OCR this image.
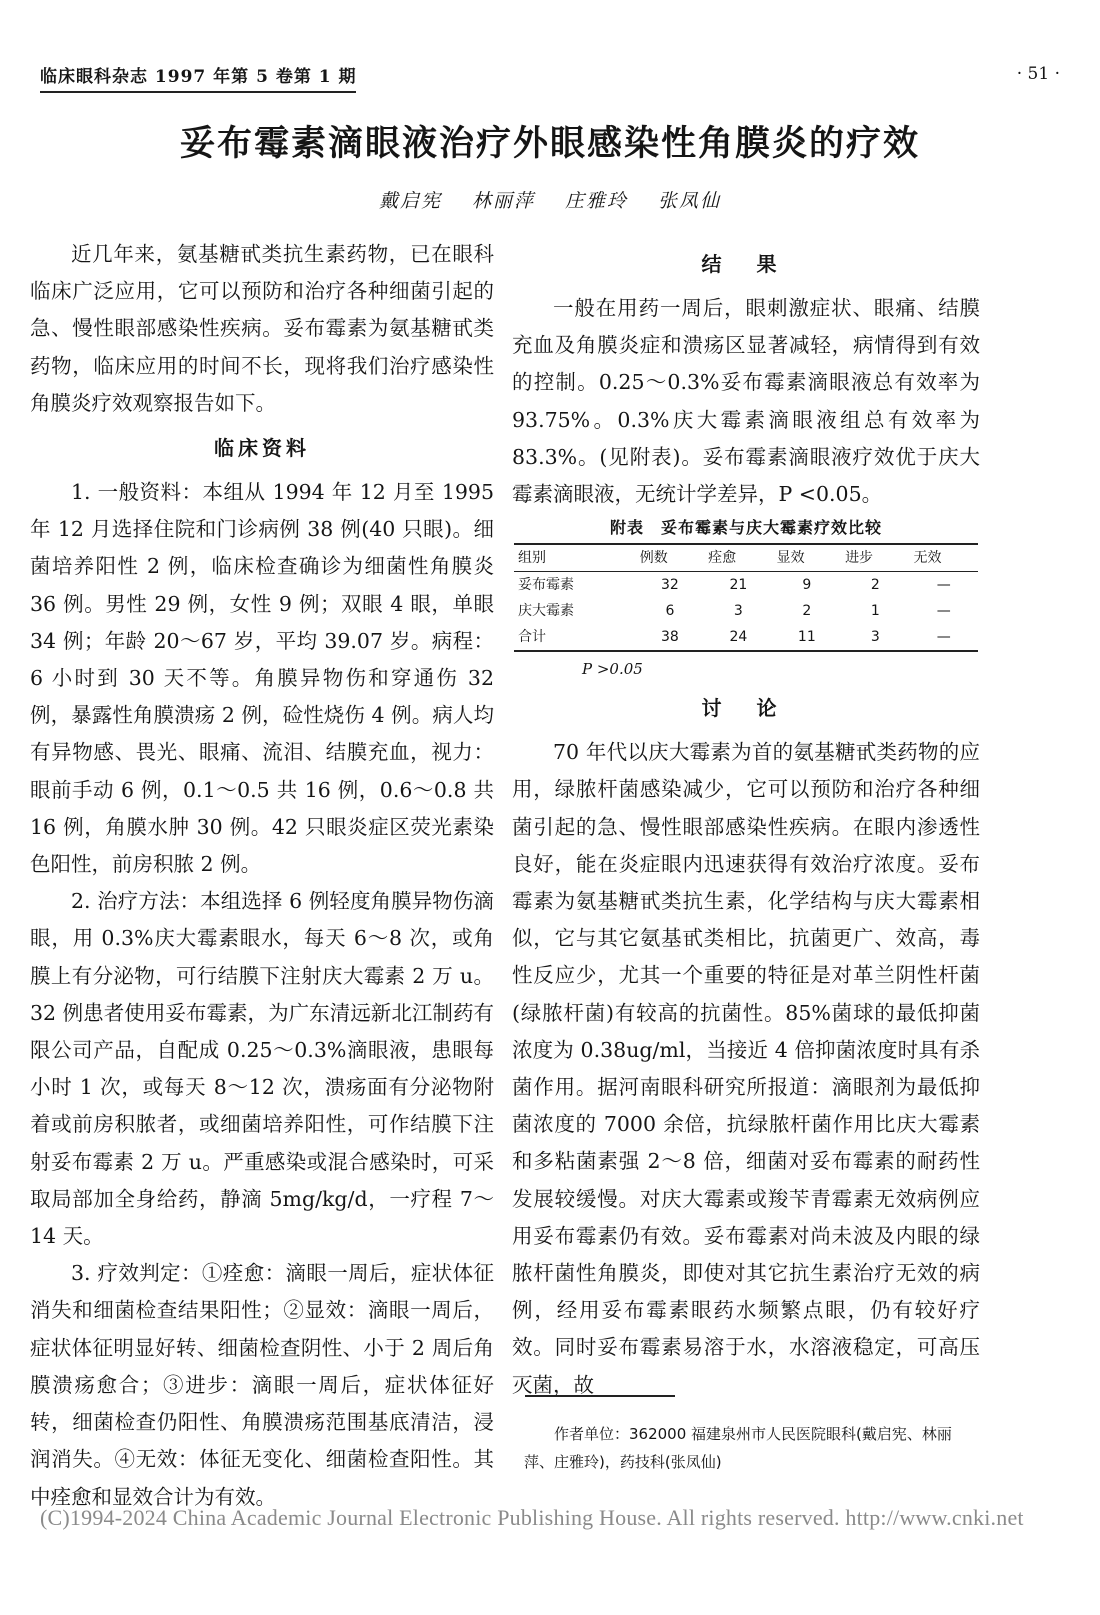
临床眼科杂志 1997 年第 5 卷第 1 期	· 51 ·
妥布霉素滴眼液治疗外眼感染性角膜炎的疗效
戴启宪 林丽萍 庄雅玲 张凤仙

近几年来，氨基糖甙类抗生素药物，已在眼科临床广泛应用，它可以预防和治疗各种细菌引起的急、慢性眼部感染性疾病。妥布霉素为氨基糖甙类药物，临床应用的时间不长，现将我们治疗感染性角膜炎疗效观察报告如下。

临床资料

1. 一般资料：本组从 1994 年 12 月至 1995 年 12 月选择住院和门诊病例 38 例(40 只眼)。细菌培养阳性 2 例，临床检查确诊为细菌性角膜炎 36 例。男性 29 例，女性 9 例；双眼 4 眼，单眼 34 例；年龄 20～67 岁，平均 39.07 岁。病程：6 小时到 30 天不等。角膜异物伤和穿通伤 32 例，暴露性角膜溃疡 2 例，硷性烧伤 4 例。病人均有异物感、畏光、眼痛、流泪、结膜充血，视力：眼前手动 6 例，0.1～0.5 共 16 例，0.6～0.8 共 16 例，角膜水肿 30 例。42 只眼炎症区荧光素染色阳性，前房积脓 2 例。

2. 治疗方法：本组选择 6 例轻度角膜异物伤滴眼，用 0.3%庆大霉素眼水，每天 6～8 次，或角膜上有分泌物，可行结膜下注射庆大霉素 2 万 u。32 例患者使用妥布霉素，为广东清远新北江制药有限公司产品，自配成 0.25～0.3%滴眼液，患眼每小时 1 次，或每天 8～12 次，溃疡面有分泌物附着或前房积脓者，或细菌培养阳性，可作结膜下注射妥布霉素 2 万 u。严重感染或混合感染时，可采取局部加全身给药，静滴 5mg/kg/d，一疗程 7～14 天。

3. 疗效判定：①痊愈：滴眼一周后，症状体征消失和细菌检查结果阳性；②显效：滴眼一周后，症状体征明显好转、细菌检查阴性、小于 2 周后角膜溃疡愈合；③进步：滴眼一周后，症状体征好转，细菌检查仍阳性、角膜溃疡范围基底清洁，浸润消失。④无效：体征无变化、细菌检查阳性。其中痊愈和显效合计为有效。

结 果

一般在用药一周后，眼刺激症状、眼痛、结膜充血及角膜炎症和溃疡区显著减轻，病情得到有效的控制。0.25～0.3%妥布霉素滴眼液总有效率为 93.75%。0.3%庆大霉素滴眼液组总有效率为 83.3%。(见附表)。妥布霉素滴眼液疗效优于庆大霉素滴眼液，无统计学差异，P <0.05。

附表　妥布霉素与庆大霉素疗效比较
组别	例数	痊愈	显效	进步	无效
妥布霉素	32	21	9	2	—
庆大霉素	6	3	2	1	—
合计	38	24	11	3	—
P >0.05
讨 论

70 年代以庆大霉素为首的氨基糖甙类药物的应用，绿脓杆菌感染减少，它可以预防和治疗各种细菌引起的急、慢性眼部感染性疾病。在眼内渗透性良好，能在炎症眼内迅速获得有效治疗浓度。妥布霉素为氨基糖甙类抗生素，化学结构与庆大霉素相似，它与其它氨基甙类相比，抗菌更广、效高，毒性反应少，尤其一个重要的特征是对革兰阴性杆菌(绿脓杆菌)有较高的抗菌性。85%菌球的最低抑菌浓度为 0.38ug/ml，当接近 4 倍抑菌浓度时具有杀菌作用。据河南眼科研究所报道：滴眼剂为最低抑菌浓度的 7000 余倍，抗绿脓杆菌作用比庆大霉素和多粘菌素强 2～8 倍，细菌对妥布霉素的耐药性发展较缓慢。对庆大霉素或羧苄青霉素无效病例应用妥布霉素仍有效。妥布霉素对尚未波及内眼的绿脓杆菌性角膜炎，即使对其它抗生素治疗无效的病例，经用妥布霉素眼药水频繁点眼，仍有较好疗效。同时妥布霉素易溶于水，水溶液稳定，可高压灭菌，故

作者单位：362000 福建泉州市人民医院眼科(戴启宪、林丽萍、庄雅玲)，药技科(张凤仙)
(C)1994-2024 China Academic Journal Electronic Publishing House. All rights reserved. http://www.cnki.net
